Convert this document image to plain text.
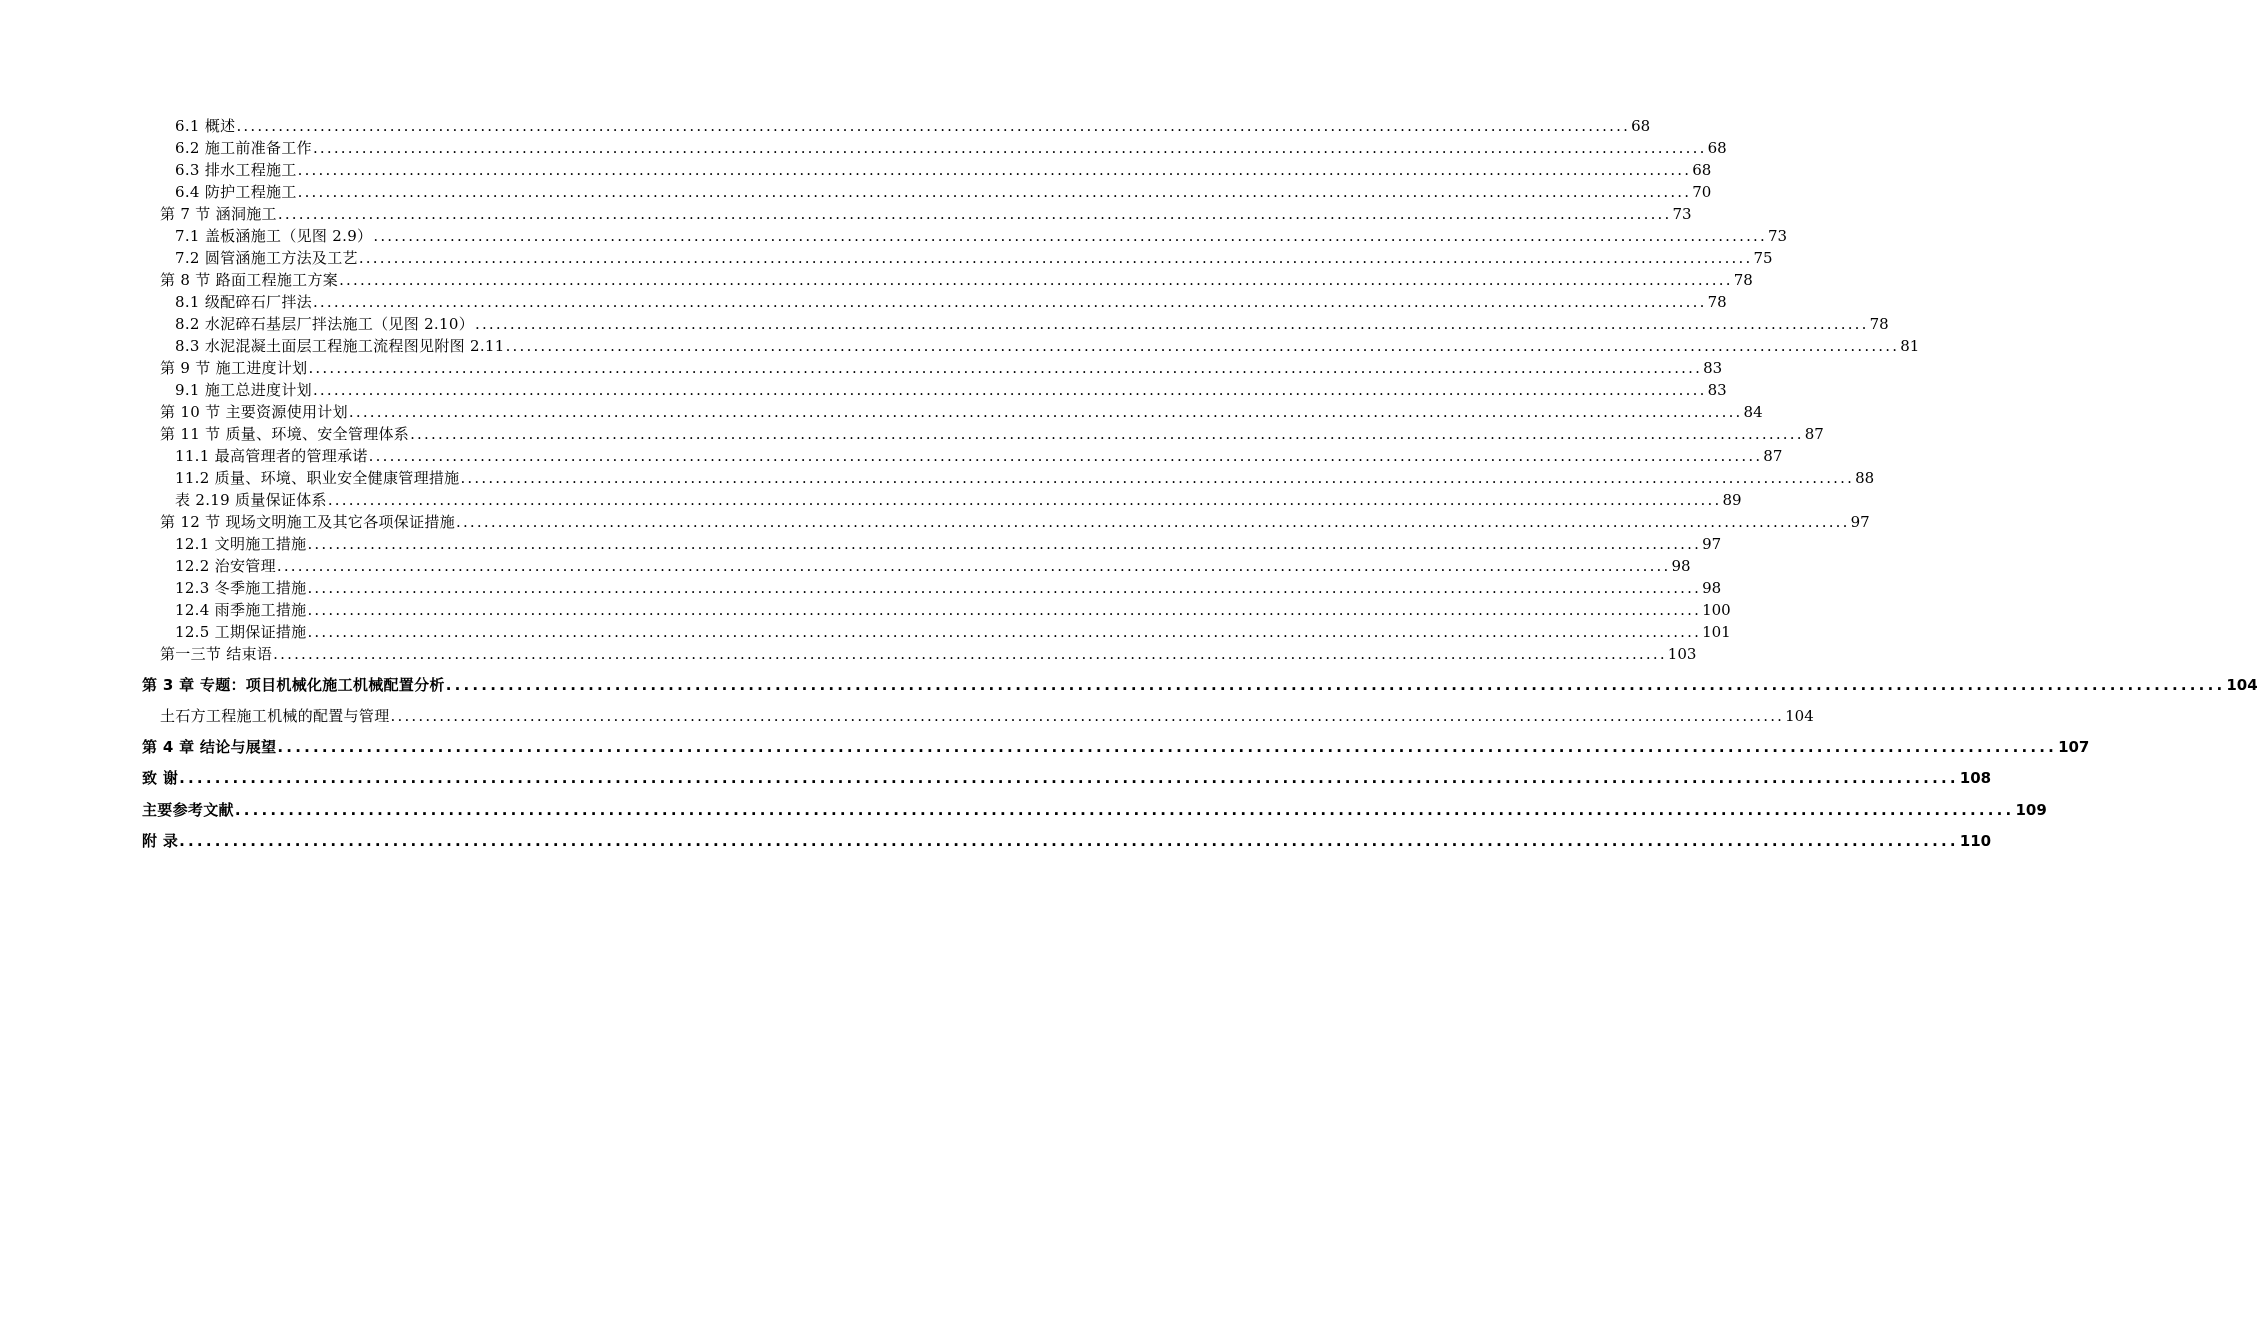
6.1 概述 ........................................................................................................................................................................................................ 68
6.2 施工前准备工作 ........................................................................................................................................................................................................ 68
6.3 排水工程施工 ........................................................................................................................................................................................................ 68
6.4 防护工程施工 ........................................................................................................................................................................................................ 70
第 7 节 涵洞施工 ........................................................................................................................................................................................................ 73
7.1 盖板涵施工（见图 2.9） ........................................................................................................................................................................................................ 73
7.2 圆管涵施工方法及工艺 ........................................................................................................................................................................................................ 75
第 8 节 路面工程施工方案 ........................................................................................................................................................................................................ 78
8.1 级配碎石厂拌法 ........................................................................................................................................................................................................ 78
8.2 水泥碎石基层厂拌法施工（见图 2.10） ........................................................................................................................................................................................................ 78
8.3 水泥混凝土面层工程施工流程图见附图 2.11 ........................................................................................................................................................................................................ 81
第 9 节 施工进度计划 ........................................................................................................................................................................................................ 83
9.1 施工总进度计划 ........................................................................................................................................................................................................ 83
第 10 节 主要资源使用计划 ........................................................................................................................................................................................................ 84
第 11 节 质量、环境、安全管理体系 ........................................................................................................................................................................................................ 87
11.1 最高管理者的管理承诺 ........................................................................................................................................................................................................ 87
11.2 质量、环境、职业安全健康管理措施 ........................................................................................................................................................................................................ 88
表 2.19 质量保证体系 ........................................................................................................................................................................................................ 89
第 12 节 现场文明施工及其它各项保证措施 ........................................................................................................................................................................................................ 97
12.1 文明施工措施 ........................................................................................................................................................................................................ 97
12.2 治安管理 ........................................................................................................................................................................................................ 98
12.3 冬季施工措施 ........................................................................................................................................................................................................ 98
12.4 雨季施工措施 ........................................................................................................................................................................................................ 100
12.5 工期保证措施 ........................................................................................................................................................................................................ 101
第一三节 结束语 ........................................................................................................................................................................................................ 103
第 3 章 专题：项目机械化施工机械配置分析 ........................................................................................................................................................................................................ 104
土石方工程施工机械的配置与管理 ........................................................................................................................................................................................................ 104
第 4 章 结论与展望 ........................................................................................................................................................................................................ 107
致 谢 ........................................................................................................................................................................................................ 108
主要参考文献 ........................................................................................................................................................................................................ 109
附 录 ........................................................................................................................................................................................................ 110
